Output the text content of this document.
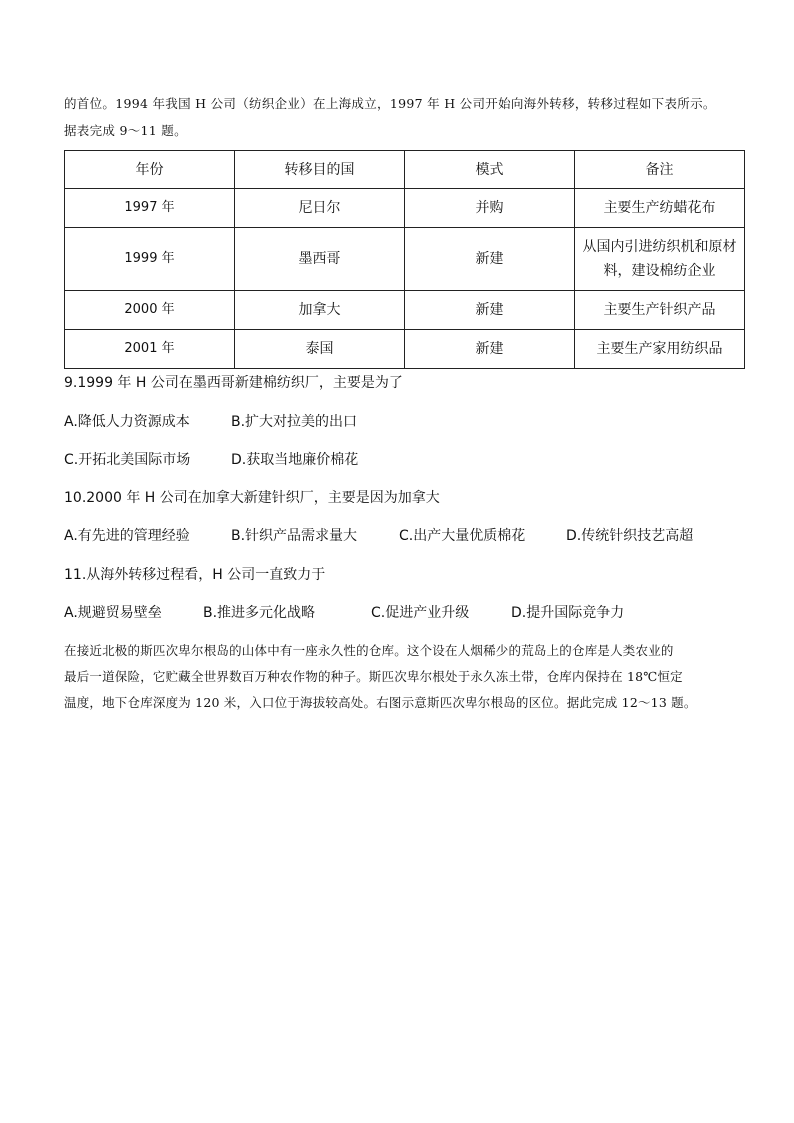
的首位。1994 年我国 H 公司（纺织企业）在上海成立，1997 年 H 公司开始向海外转移，转移过程如下表所示。

据表完成 9～11 题。

年份	转移目的国	模式	备注
1997 年	尼日尔	并购	主要生产纺蜡花布
1999 年	墨西哥	新建	从国内引进纺织机和原材料，建设棉纺企业
2000 年	加拿大	新建	主要生产针织产品
2001 年	泰国	新建	主要生产家用纺织品
9.1999 年 H 公司在墨西哥新建棉纺织厂，主要是为了
A.降低人力资源成本	B.扩大对拉美的出口
C.开拓北美国际市场	D.获取当地廉价棉花
10.2000 年 H 公司在加拿大新建针织厂，主要是因为加拿大
A.有先进的管理经验	B.针织产品需求量大	C.出产大量优质棉花	D.传统针织技艺高超
11.从海外转移过程看，H 公司一直致力于
A.规避贸易壁垒	B.推进多元化战略	C.促进产业升级	D.提升国际竞争力

在接近北极的斯匹次卑尔根岛的山体中有一座永久性的仓库。这个设在人烟稀少的荒岛上的仓库是人类农业的

最后一道保险，它贮藏全世界数百万种农作物的种子。斯匹次卑尔根处于永久冻土带，仓库内保持在 18℃恒定

温度，地下仓库深度为 120 米，入口位于海拔较高处。右图示意斯匹次卑尔根岛的区位。据此完成 12～13 题。
